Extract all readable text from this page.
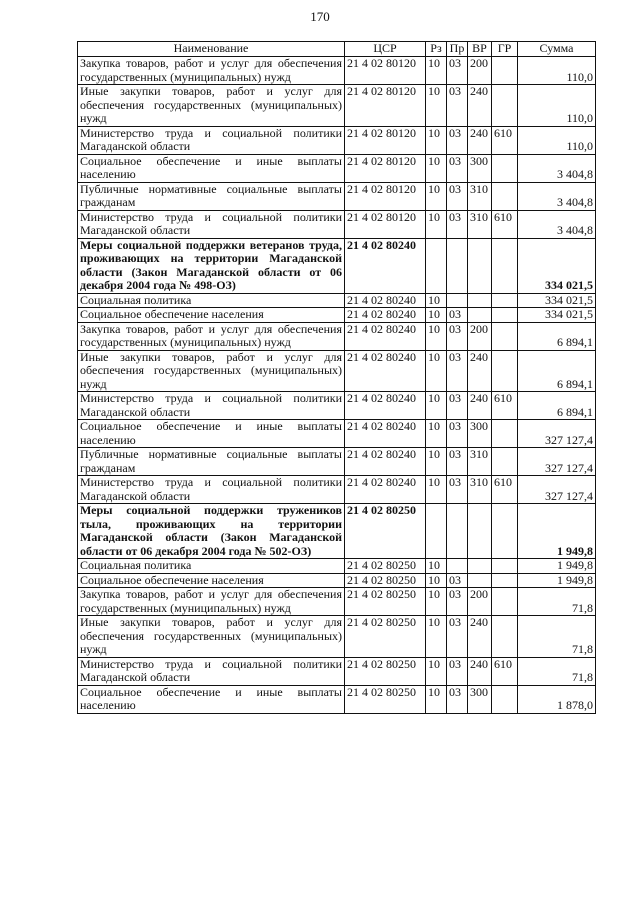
170
Наименование	ЦСР	Рз	Пр	ВР	ГР	Сумма
Закупка товаров, работ и услуг для обеспечения государственных (муниципальных) нужд	21 4 02 80120	10	03	200		110,0
Иные закупки товаров, работ и услуг для обеспечения государственных (муниципальных) нужд	21 4 02 80120	10	03	240		110,0
Министерство труда и социальной политики Магаданской области	21 4 02 80120	10	03	240	610	110,0
Социальное обеспечение и иные выплаты населению	21 4 02 80120	10	03	300		3 404,8
Публичные нормативные социальные выплаты гражданам	21 4 02 80120	10	03	310		3 404,8
Министерство труда и социальной политики Магаданской области	21 4 02 80120	10	03	310	610	3 404,8
Меры социальной поддержки ветеранов труда, проживающих на территории Магаданской области (Закон Магаданской области от 06 декабря 2004 года № 498-ОЗ)	21 4 02 80240					334 021,5
Социальная политика	21 4 02 80240	10				334 021,5
Социальное обеспечение населения	21 4 02 80240	10	03			334 021,5
Закупка товаров, работ и услуг для обеспечения государственных (муниципальных) нужд	21 4 02 80240	10	03	200		6 894,1
Иные закупки товаров, работ и услуг для обеспечения государственных (муниципальных) нужд	21 4 02 80240	10	03	240		6 894,1
Министерство труда и социальной политики Магаданской области	21 4 02 80240	10	03	240	610	6 894,1
Социальное обеспечение и иные выплаты населению	21 4 02 80240	10	03	300		327 127,4
Публичные нормативные социальные выплаты гражданам	21 4 02 80240	10	03	310		327 127,4
Министерство труда и социальной политики Магаданской области	21 4 02 80240	10	03	310	610	327 127,4
Меры социальной поддержки тружеников тыла, проживающих на территории Магаданской области (Закон Магаданской области от 06 декабря 2004 года № 502-ОЗ)	21 4 02 80250					1 949,8
Социальная политика	21 4 02 80250	10				1 949,8
Социальное обеспечение населения	21 4 02 80250	10	03			1 949,8
Закупка товаров, работ и услуг для обеспечения государственных (муниципальных) нужд	21 4 02 80250	10	03	200		71,8
Иные закупки товаров, работ и услуг для обеспечения государственных (муниципальных) нужд	21 4 02 80250	10	03	240		71,8
Министерство труда и социальной политики Магаданской области	21 4 02 80250	10	03	240	610	71,8
Социальное обеспечение и иные выплаты населению	21 4 02 80250	10	03	300		1 878,0
